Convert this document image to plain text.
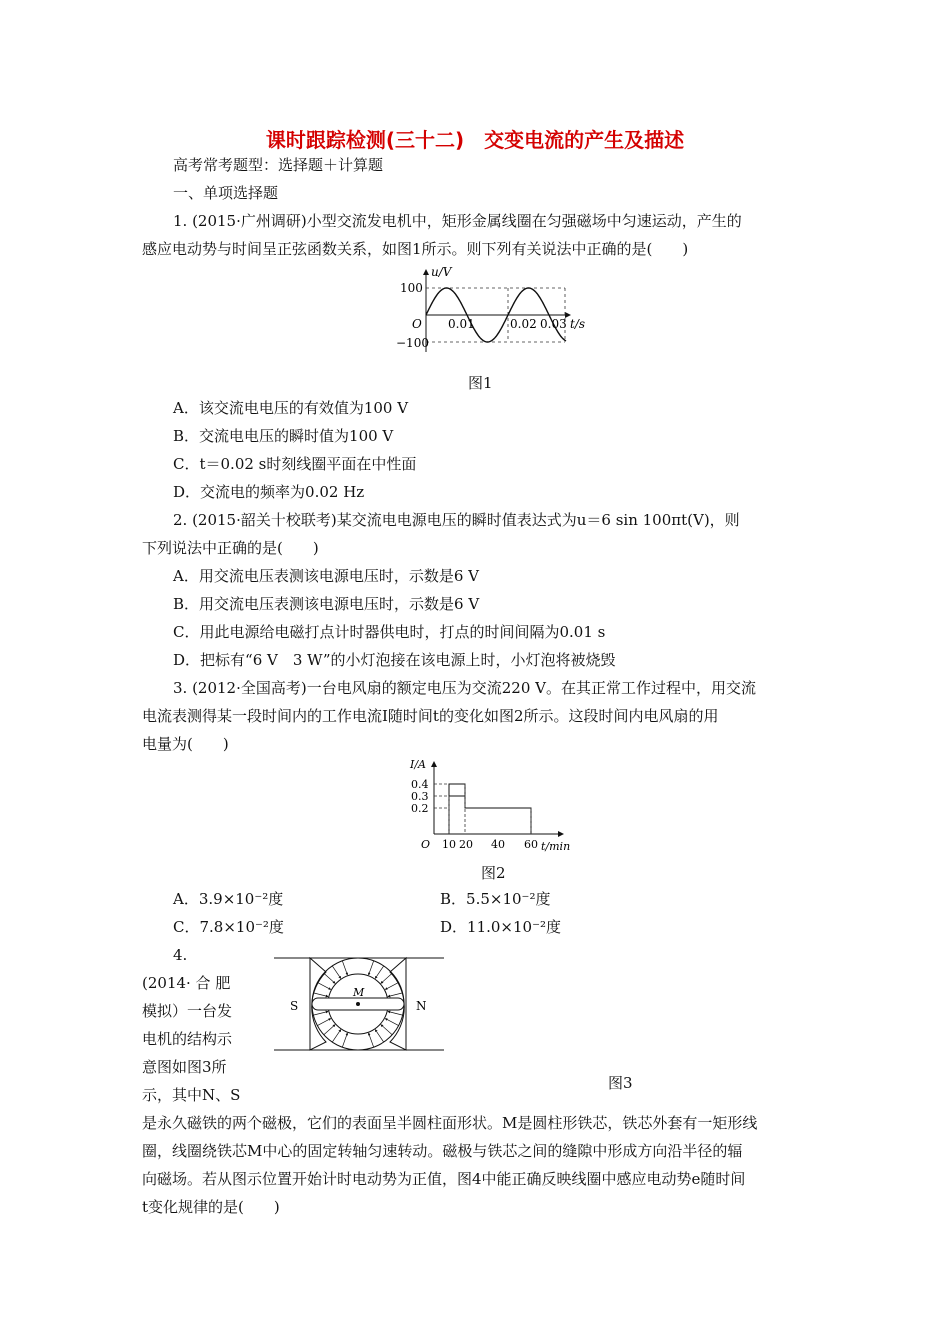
课时跟踪检测(三十二)　交变电流的产生及描述
高考常考题型：选择题＋计算题
一、单项选择题
1. (2015·广州调研)小型交流发电机中，矩形金属线圈在匀强磁场中匀速运动，产生的
感应电动势与时间呈正弦函数关系，如图1所示。则下列有关说法中正确的是(　　)
u/V
100
−100
O 0.01	0.02 0.03 t/s
图1
A．该交流电电压的有效值为100 V
B．交流电电压的瞬时值为100 V
C．t＝0.02 s时刻线圈平面在中性面
D．交流电的频率为0.02 Hz
2. (2015·韶关十校联考)某交流电电源电压的瞬时值表达式为u＝6 sin 100πt(V)，则
下列说法中正确的是(　　)
A．用交流电压表测该电源电压时，示数是6 V
B．用交流电压表测该电源电压时，示数是6 V
C．用此电源给电磁打点计时器供电时，打点的时间间隔为0.01 s
D．把标有“6 V　3 W”的小灯泡接在该电源上时，小灯泡将被烧毁
3. (2012·全国高考)一台电风扇的额定电压为交流220 V。在其正常工作过程中，用交流
电流表测得某一段时间内的工作电流I随时间t的变化如图2所示。这段时间内电风扇的用
电量为(　　)
I/A
0.4
0.3
0.2
O 10 20 40 60 t/min
图2
A．3.9×10⁻²度	B．5.5×10⁻²度
C．7.8×10⁻²度	D．11.0×10⁻²度
4.
(2014· 合 肥
模拟）一台发
电机的结构示
意图如图3所
示，其中N、S
S	N
M
图3
是永久磁铁的两个磁极，它们的表面呈半圆柱面形状。M是圆柱形铁芯，铁芯外套有一矩形线
圈，线圈绕铁芯M中心的固定转轴匀速转动。磁极与铁芯之间的缝隙中形成方向沿半径的辐
向磁场。若从图示位置开始计时电动势为正值，图4中能正确反映线圈中感应电动势e随时间
t变化规律的是(　　)
